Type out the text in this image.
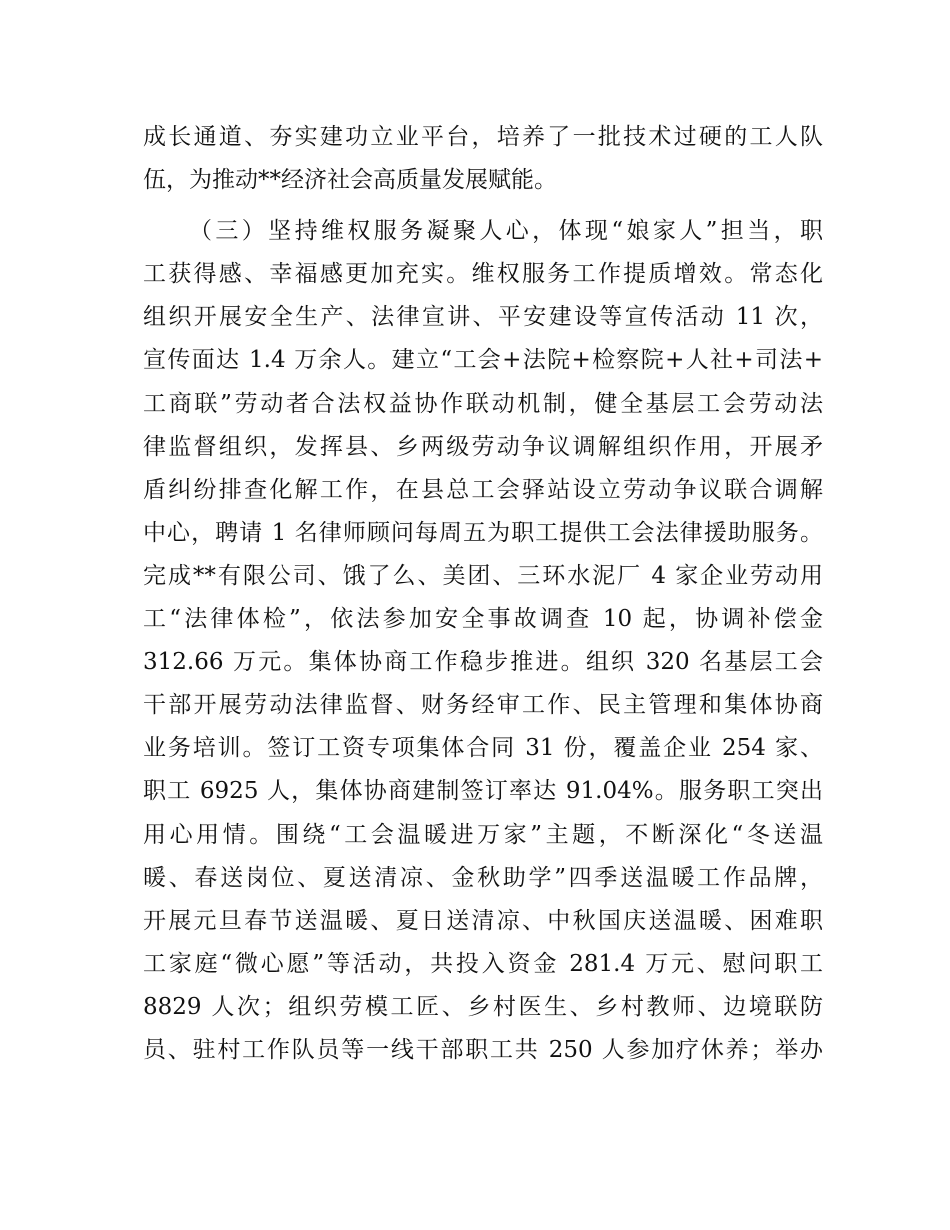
成长通道、夯实建功立业平台，培养了一批技术过硬的工人队
伍，为推动**经济社会高质量发展赋能。
（三）坚持维权服务凝聚人心，体现“娘家人”担当，职
工获得感、幸福感更加充实。维权服务工作提质增效。常态化
组织开展安全生产、法律宣讲、平安建设等宣传活动 11 次，
宣传面达 1.4 万余人。建立“工会+法院+检察院+人社+司法+
工商联”劳动者合法权益协作联动机制，健全基层工会劳动法
律监督组织，发挥县、乡两级劳动争议调解组织作用，开展矛
盾纠纷排查化解工作，在县总工会驿站设立劳动争议联合调解
中心，聘请 1 名律师顾问每周五为职工提供工会法律援助服务。
完成**有限公司、饿了么、美团、三环水泥厂 4 家企业劳动用
工“法律体检”，依法参加安全事故调查 10 起，协调补偿金
312.66 万元。集体协商工作稳步推进。组织 320 名基层工会
干部开展劳动法律监督、财务经审工作、民主管理和集体协商
业务培训。签订工资专项集体合同 31 份，覆盖企业 254 家、
职工 6925 人，集体协商建制签订率达 91.04%。服务职工突出
用心用情。围绕“工会温暖进万家”主题，不断深化“冬送温
暖、春送岗位、夏送清凉、金秋助学”四季送温暖工作品牌，
开展元旦春节送温暖、夏日送清凉、中秋国庆送温暖、困难职
工家庭“微心愿”等活动，共投入资金 281.4 万元、慰问职工
8829 人次；组织劳模工匠、乡村医生、乡村教师、边境联防
员、驻村工作队员等一线干部职工共 250 人参加疗休养；举办
